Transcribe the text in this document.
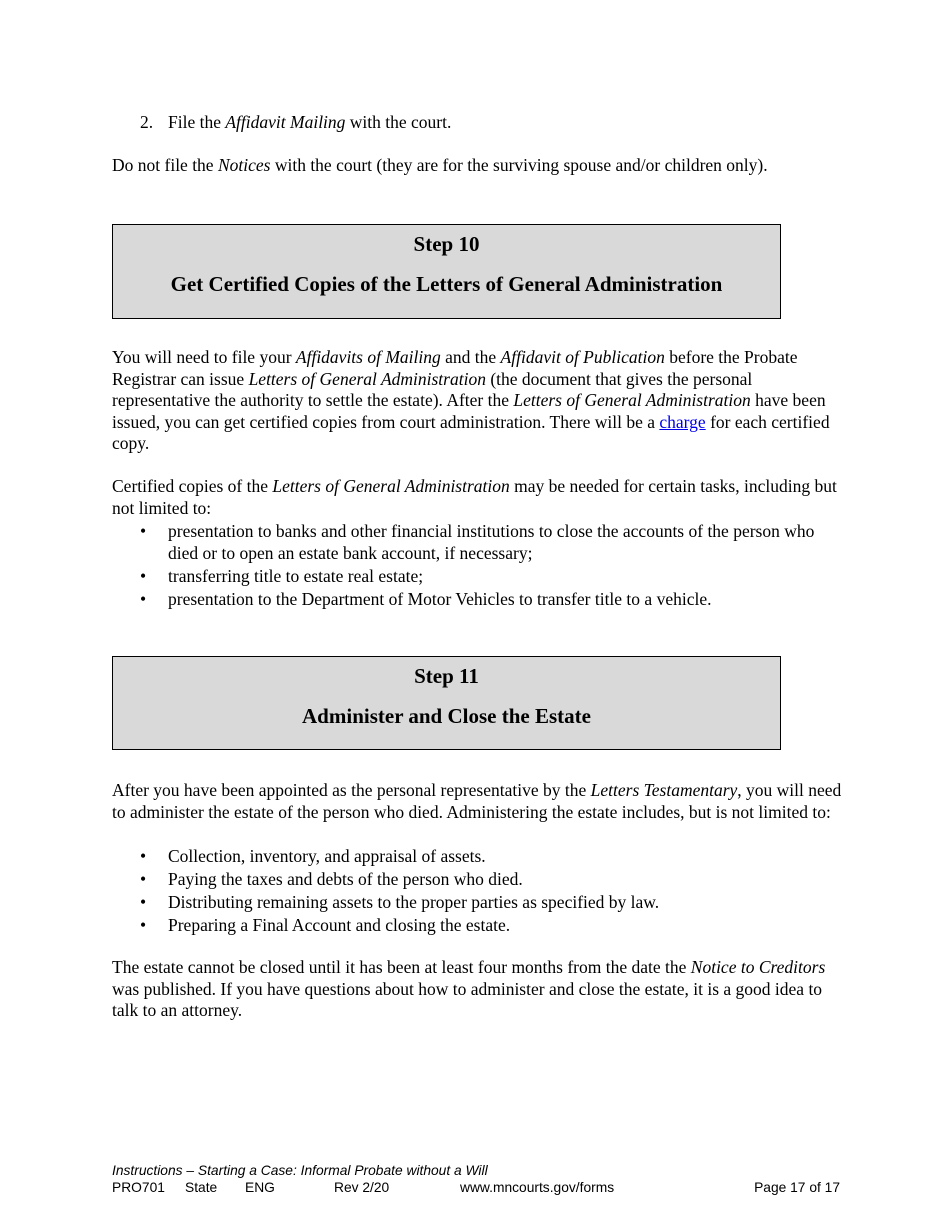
2. File the Affidavit Mailing with the court.

Do not file the Notices with the court (they are for the surviving spouse and/or children only).

Step 10
Get Certified Copies of the Letters of General Administration

You will need to file your Affidavits of Mailing and the Affidavit of Publication before the Probate Registrar can issue Letters of General Administration (the document that gives the personal representative the authority to settle the estate). After the Letters of General Administration have been issued, you can get certified copies from court administration. There will be a charge for each certified copy.

Certified copies of the Letters of General Administration may be needed for certain tasks, including but not limited to:

• presentation to banks and other financial institutions to close the accounts of the person who died or to open an estate bank account, if necessary;
• transferring title to estate real estate;
• presentation to the Department of Motor Vehicles to transfer title to a vehicle.
Step 11
Administer and Close the Estate

After you have been appointed as the personal representative by the Letters Testamentary, you will need to administer the estate of the person who died. Administering the estate includes, but is not limited to:

• Collection, inventory, and appraisal of assets.
• Paying the taxes and debts of the person who died.
• Distributing remaining assets to the proper parties as specified by law.
• Preparing a Final Account and closing the estate.

The estate cannot be closed until it has been at least four months from the date the Notice to Creditors was published. If you have questions about how to administer and close the estate, it is a good idea to talk to an attorney.

Instructions – Starting a Case: Informal Probate without a Will
PRO701 State ENG	Rev 2/20	www.mncourts.gov/forms	Page 17 of 17
